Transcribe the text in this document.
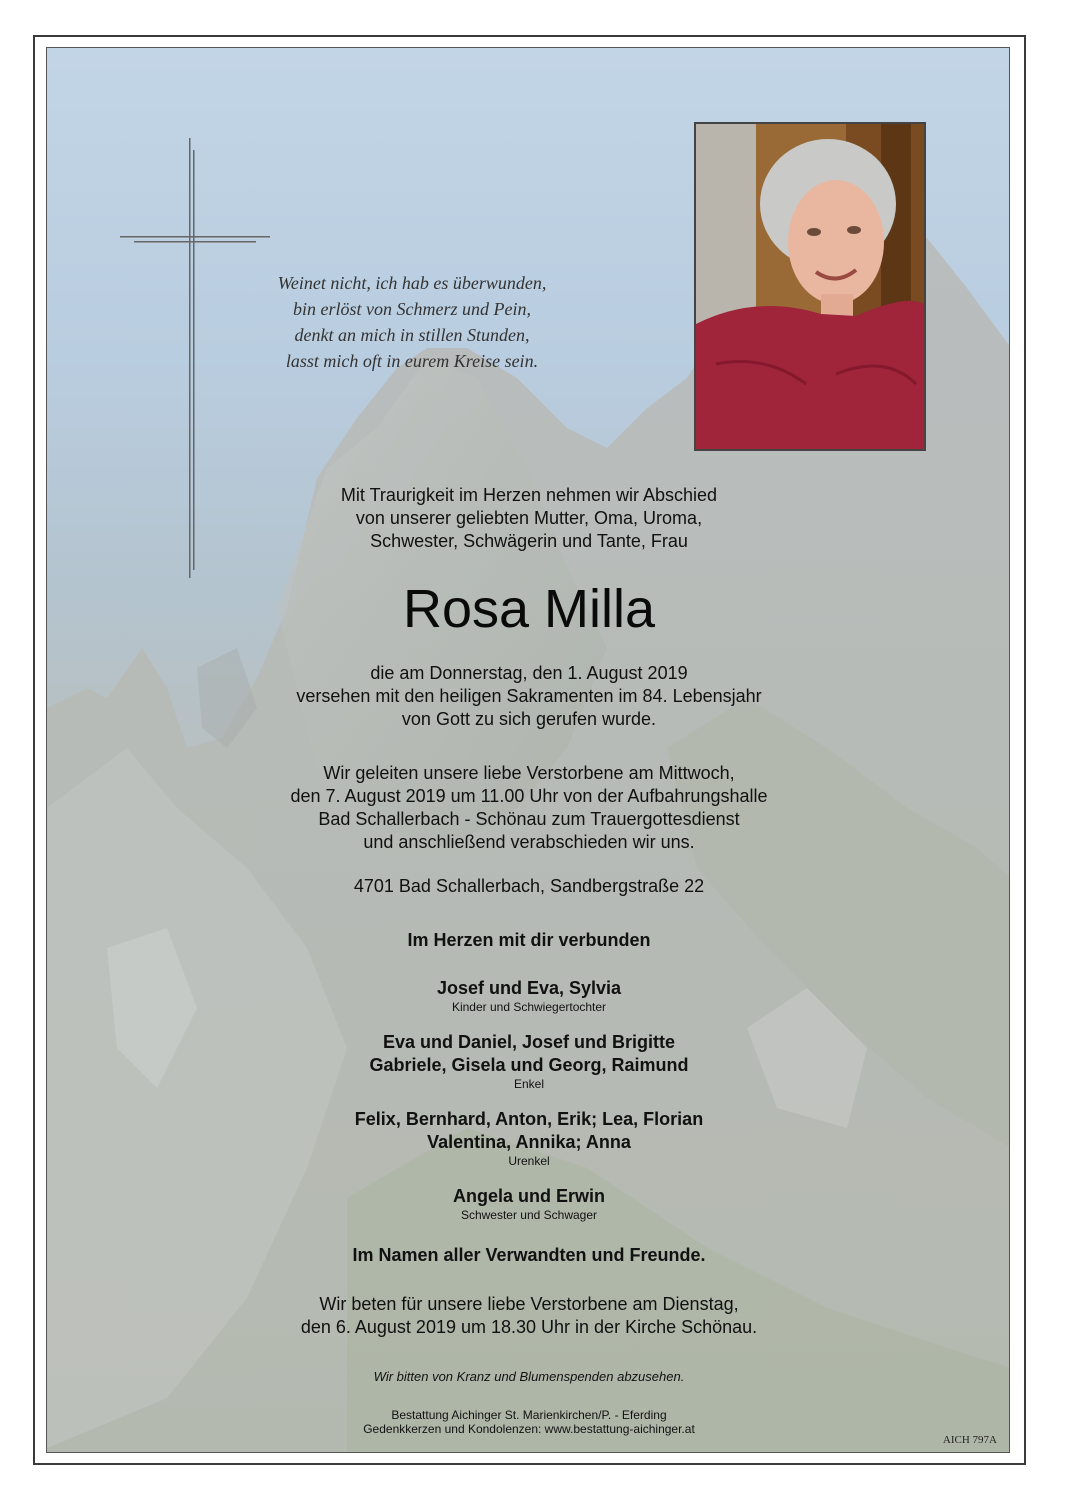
Weinet nicht, ich hab es überwunden,
bin erlöst von Schmerz und Pein,
denkt an mich in stillen Stunden,
lasst mich oft in eurem Kreise sein.
Mit Traurigkeit im Herzen nehmen wir Abschied
von unserer geliebten Mutter, Oma, Uroma,
Schwester, Schwägerin und Tante, Frau
Rosa Milla
die am Donnerstag, den 1. August 2019
versehen mit den heiligen Sakramenten im 84. Lebensjahr
von Gott zu sich gerufen wurde.
Wir geleiten unsere liebe Verstorbene am Mittwoch,
den 7. August 2019 um 11.00 Uhr von der Aufbahrungshalle
Bad Schallerbach - Schönau zum Trauergottesdienst
und anschließend verabschieden wir uns.
4701 Bad Schallerbach, Sandbergstraße 22
Im Herzen mit dir verbunden
Josef und Eva, Sylvia
Kinder und Schwiegertochter
Eva und Daniel, Josef und Brigitte
Gabriele, Gisela und Georg, Raimund
Enkel
Felix, Bernhard, Anton, Erik; Lea, Florian
Valentina, Annika; Anna
Urenkel
Angela und Erwin
Schwester und Schwager
Im Namen aller Verwandten und Freunde.
Wir beten für unsere liebe Verstorbene am Dienstag,
den 6. August 2019 um 18.30 Uhr in der Kirche Schönau.
Wir bitten von Kranz und Blumenspenden abzusehen.
Bestattung Aichinger St. Marienkirchen/P. - Eferding
Gedenkkerzen und Kondolenzen: www.bestattung-aichinger.at
AICH 797A
